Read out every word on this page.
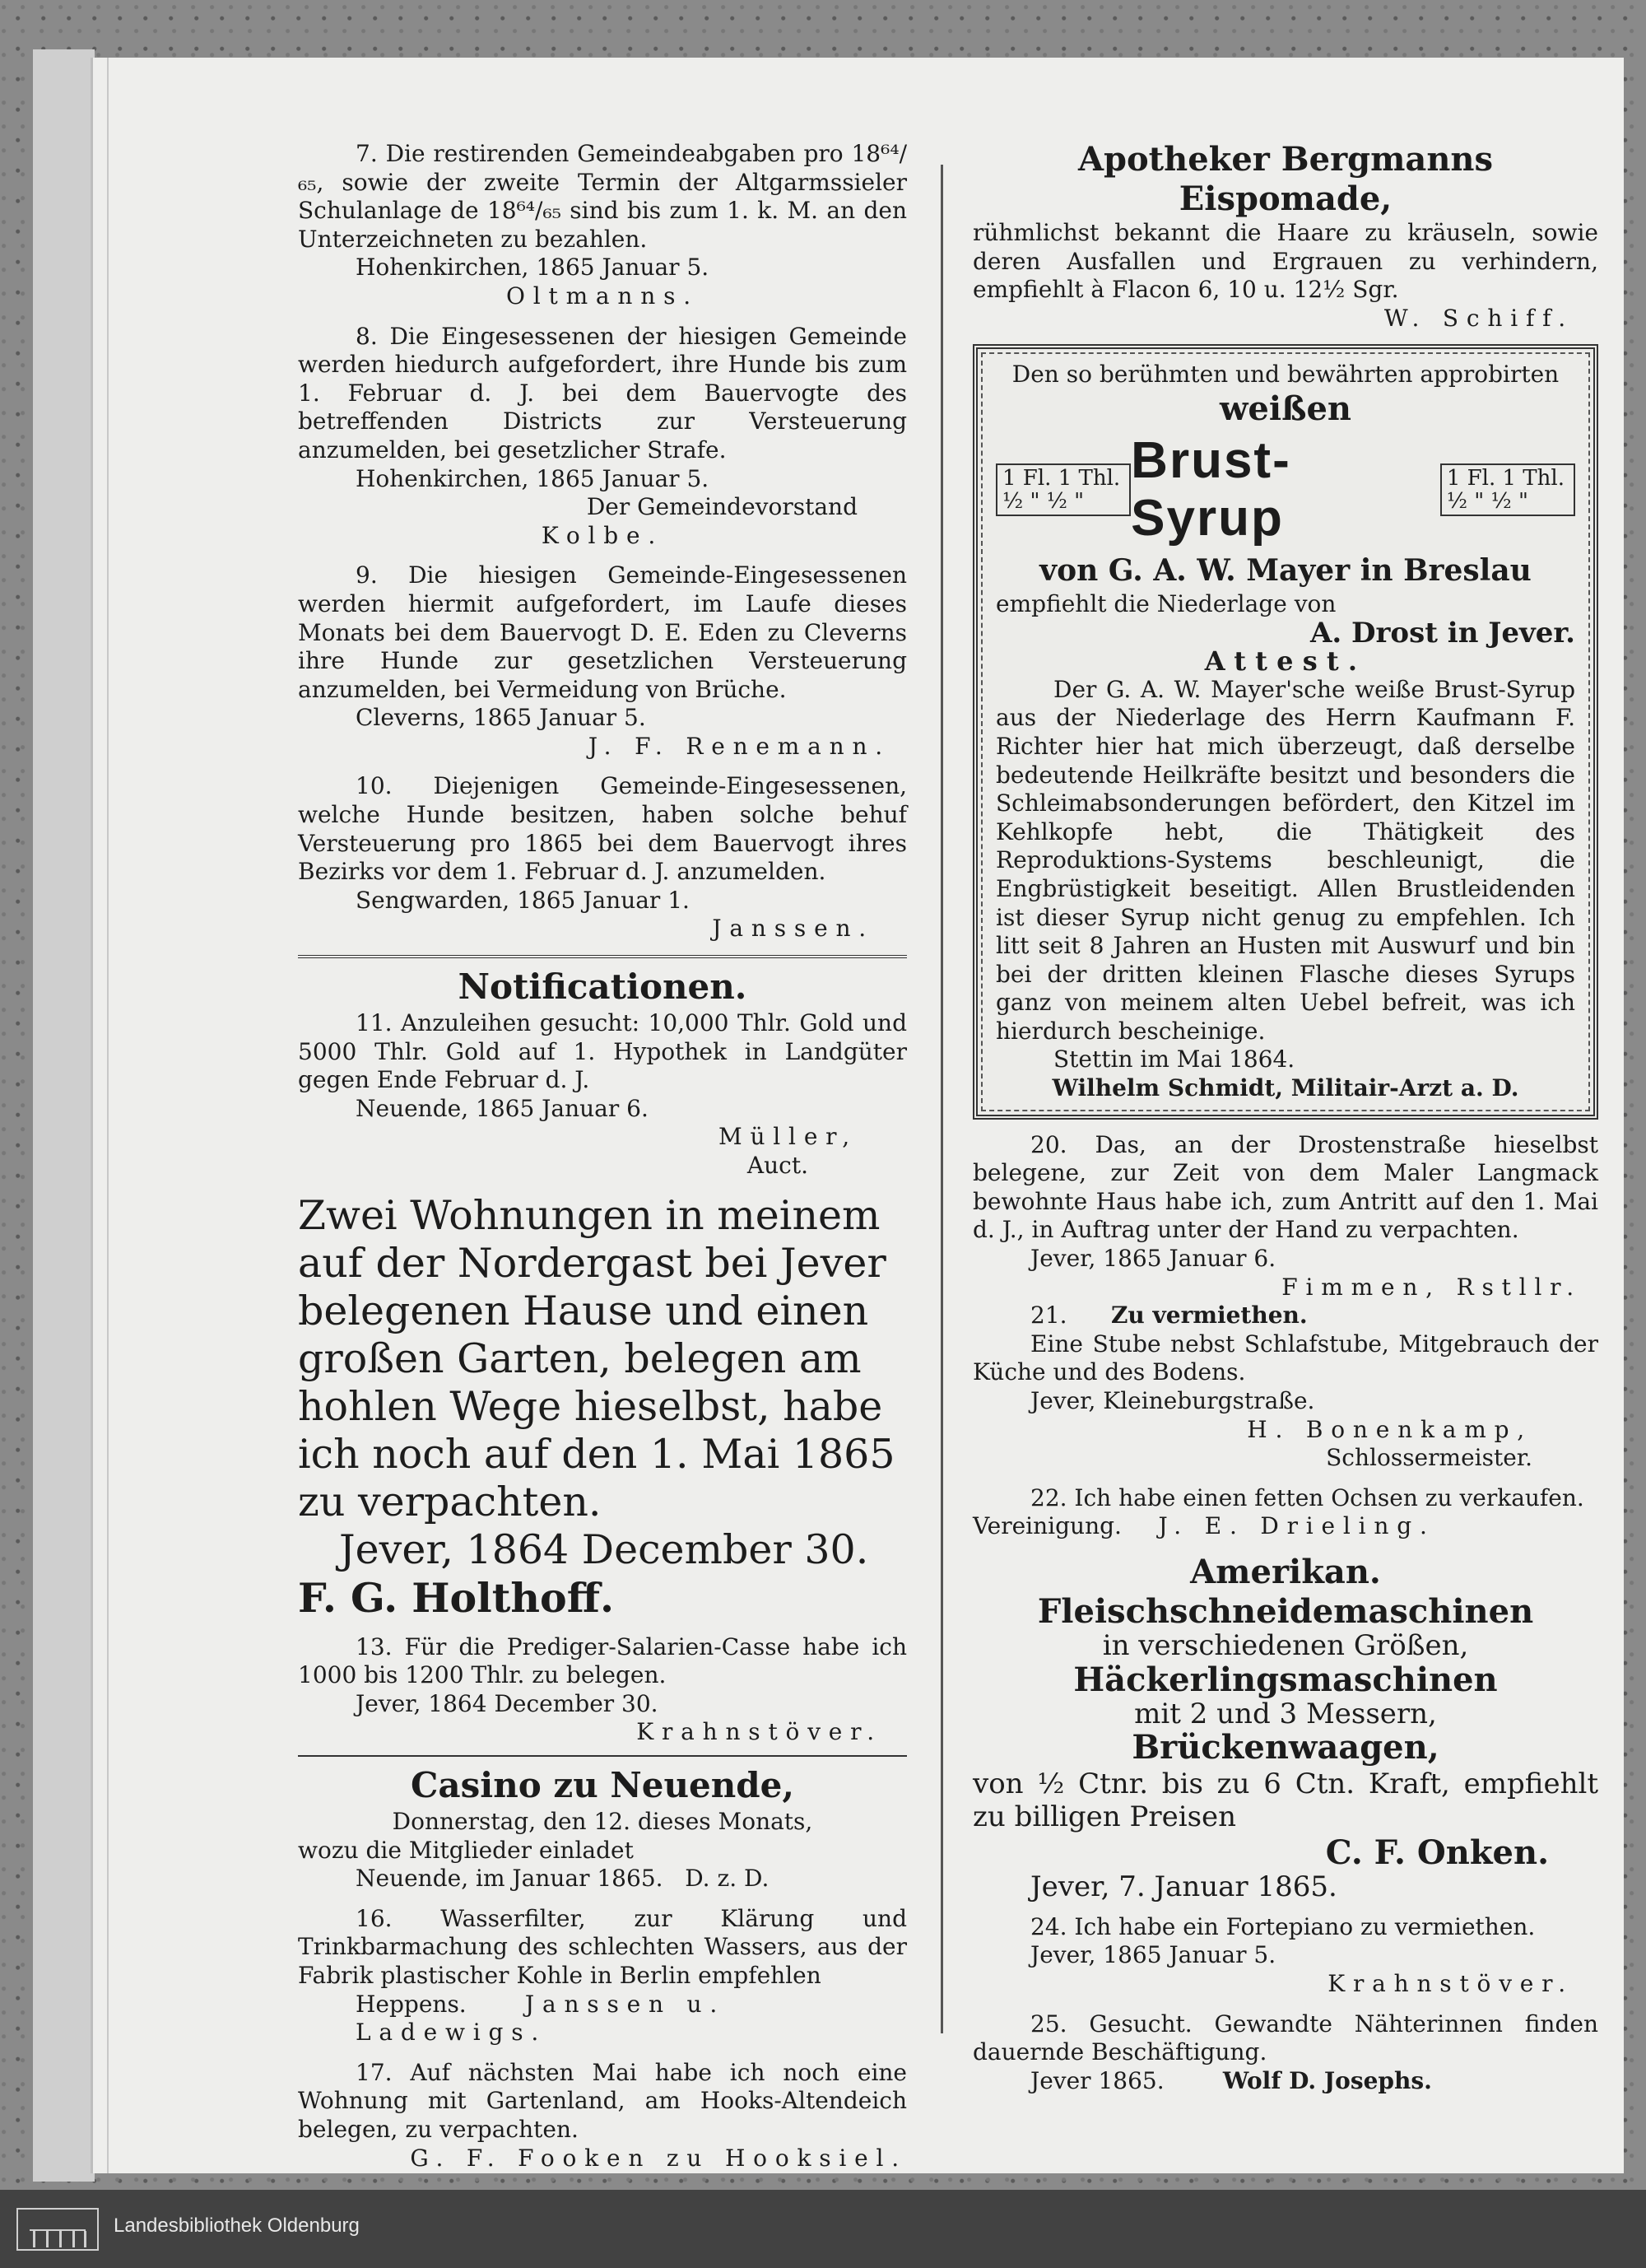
7. Die restirenden Gemeindeabgaben pro 18⁶⁴/₆₅, sowie der zweite Termin der Altgarmssieler Schulanlage de 18⁶⁴/₆₅ sind bis zum 1. k. M. an den Unterzeichneten zu bezahlen.

Hohenkirchen, 1865 Januar 5.

Oltmanns.

8. Die Eingesessenen der hiesigen Gemeinde werden hiedurch aufgefordert, ihre Hunde bis zum 1. Februar d. J. bei dem Bauervogte des betreffenden Districts zur Versteuerung anzumelden, bei gesetzlicher Strafe.

Hohenkirchen, 1865 Januar 5.

Der Gemeindevorstand

Kolbe.

9. Die hiesigen Gemeinde-Eingesessenen werden hiermit aufgefordert, im Laufe dieses Monats bei dem Bauervogt D. E. Eden zu Cleverns ihre Hunde zur gesetzlichen Versteuerung anzumelden, bei Vermeidung von Brüche.

Cleverns, 1865 Januar 5.

J. F. Renemann.

10. Diejenigen Gemeinde-Eingesessenen, welche Hunde besitzen, haben solche behuf Versteuerung pro 1865 bei dem Bauervogt ihres Bezirks vor dem 1. Februar d. J. anzumelden.

Sengwarden, 1865 Januar 1.

Janssen.

Notificationen.

11. Anzuleihen gesucht: 10,000 Thlr. Gold und 5000 Thlr. Gold auf 1. Hypothek in Landgüter gegen Ende Februar d. J.

Neuende, 1865 Januar 6.

Müller,

Auct.

Zwei Wohnungen in meinem auf der Nordergast bei Jever belegenen Hause und einen großen Garten, belegen am hohlen Wege hieselbst, habe ich noch auf den 1. Mai 1865 zu verpachten.

Jever, 1864 December 30.

F. G. Holthoff.

13. Für die Prediger-Salarien-Casse habe ich 1000 bis 1200 Thlr. zu belegen.

Jever, 1864 December 30.

Krahnstöver.

Casino zu Neuende,

Donnerstag, den 12. dieses Monats,

wozu die Mitglieder einladet

Neuende, im Januar 1865. D. z. D.

16. Wasserfilter, zur Klärung und Trinkbarmachung des schlechten Wassers, aus der Fabrik plastischer Kohle in Berlin empfehlen

Heppens.	Janssen u. Ladewigs.

17. Auf nächsten Mai habe ich noch eine Wohnung mit Gartenland, am Hooks-Altendeich belegen, zu verpachten.

G. F. Fooken zu Hooksiel.

Apotheker Bergmanns Eispomade,

rühmlichst bekannt die Haare zu kräuseln, sowie deren Ausfallen und Ergrauen zu verhindern, empfiehlt à Flacon 6, 10 u. 12½ Sgr.

W. Schiff.

Den so berühmten und bewährten approbirten

weißen

1 Fl. 1 Thl.
½ " ½ "
Brust-Syrup
1 Fl. 1 Thl.
½ " ½ "

von G. A. W. Mayer in Breslau

empfiehlt die Niederlage von

A. Drost in Jever.

Attest.

Der G. A. W. Mayer'sche weiße Brust-Syrup aus der Niederlage des Herrn Kaufmann F. Richter hier hat mich überzeugt, daß derselbe bedeutende Heilkräfte besitzt und besonders die Schleimabsonderungen befördert, den Kitzel im Kehlkopfe hebt, die Thätigkeit des Reproduktions-Systems beschleunigt, die Engbrüstigkeit beseitigt. Allen Brustleidenden ist dieser Syrup nicht genug zu empfehlen. Ich litt seit 8 Jahren an Husten mit Auswurf und bin bei der dritten kleinen Flasche dieses Syrups ganz von meinem alten Uebel befreit, was ich hierdurch bescheinige.

Stettin im Mai 1864.

Wilhelm Schmidt, Militair-Arzt a. D.

20. Das, an der Drostenstraße hieselbst belegene, zur Zeit von dem Maler Langmack bewohnte Haus habe ich, zum Antritt auf den 1. Mai d. J., in Auftrag unter der Hand zu verpachten.

Jever, 1865 Januar 6.

Fimmen, Rstllr.

21. Zu vermiethen.

Eine Stube nebst Schlafstube, Mitgebrauch der Küche und des Bodens.

Jever, Kleineburgstraße.

H. Bonenkamp,

Schlossermeister.

22. Ich habe einen fetten Ochsen zu verkaufen.

Vereinigung. J. E. Drieling.

Amerikan. Fleischschneidemaschinen

in verschiedenen Größen,

Häckerlingsmaschinen

mit 2 und 3 Messern,

Brückenwaagen,

von ½ Ctnr. bis zu 6 Ctn. Kraft, empfiehlt zu billigen Preisen

C. F. Onken.

Jever, 7. Januar 1865.

24. Ich habe ein Fortepiano zu vermiethen.

Jever, 1865 Januar 5.

Krahnstöver.

25. Gesucht. Gewandte Nähterinnen finden dauernde Beschäftigung.

Jever 1865.	Wolf D. Josephs.

Landesbibliothek Oldenburg
